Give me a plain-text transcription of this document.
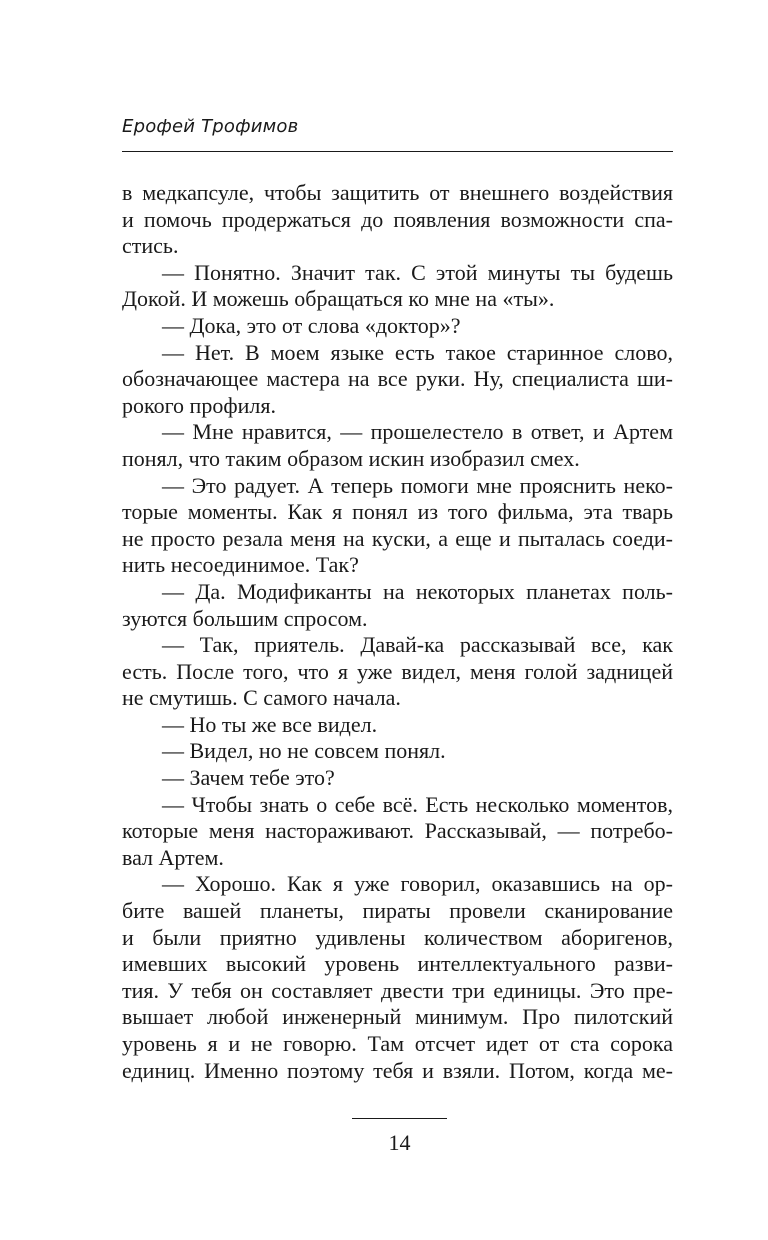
Ерофей Трофимов
в медкапсуле, чтобы защитить от внешнего воздействия
и помочь продержаться до появления возможности спа-
стись.
— Понятно. Значит так. С этой минуты ты будешь
Докой. И можешь обращаться ко мне на «ты».
— Дока, это от слова «доктор»?
— Нет. В моем языке есть такое старинное слово,
обозначающее мастера на все руки. Ну, специалиста ши-
рокого профиля.
— Мне нравится, — прошелестело в ответ, и Артем
понял, что таким образом искин изобразил смех.
— Это радует. А теперь помоги мне прояснить неко-
торые моменты. Как я понял из того фильма, эта тварь
не просто резала меня на куски, а еще и пыталась соеди-
нить несоединимое. Так?
— Да. Модификанты на некоторых планетах поль-
зуются большим спросом.
— Так, приятель. Давай-ка рассказывай все, как
есть. После того, что я уже видел, меня голой задницей
не смутишь. С самого начала.
— Но ты же все видел.
— Видел, но не совсем понял.
— Зачем тебе это?
— Чтобы знать о себе всё. Есть несколько моментов,
которые меня настораживают. Рассказывай, — потребо-
вал Артем.
— Хорошо. Как я уже говорил, оказавшись на ор-
бите вашей планеты, пираты провели сканирование
и были приятно удивлены количеством аборигенов,
имевших высокий уровень интеллектуального разви-
тия. У тебя он составляет двести три единицы. Это пре-
вышает любой инженерный минимум. Про пилотский
уровень я и не говорю. Там отсчет идет от ста сорока
единиц. Именно поэтому тебя и взяли. Потом, когда ме-
14
